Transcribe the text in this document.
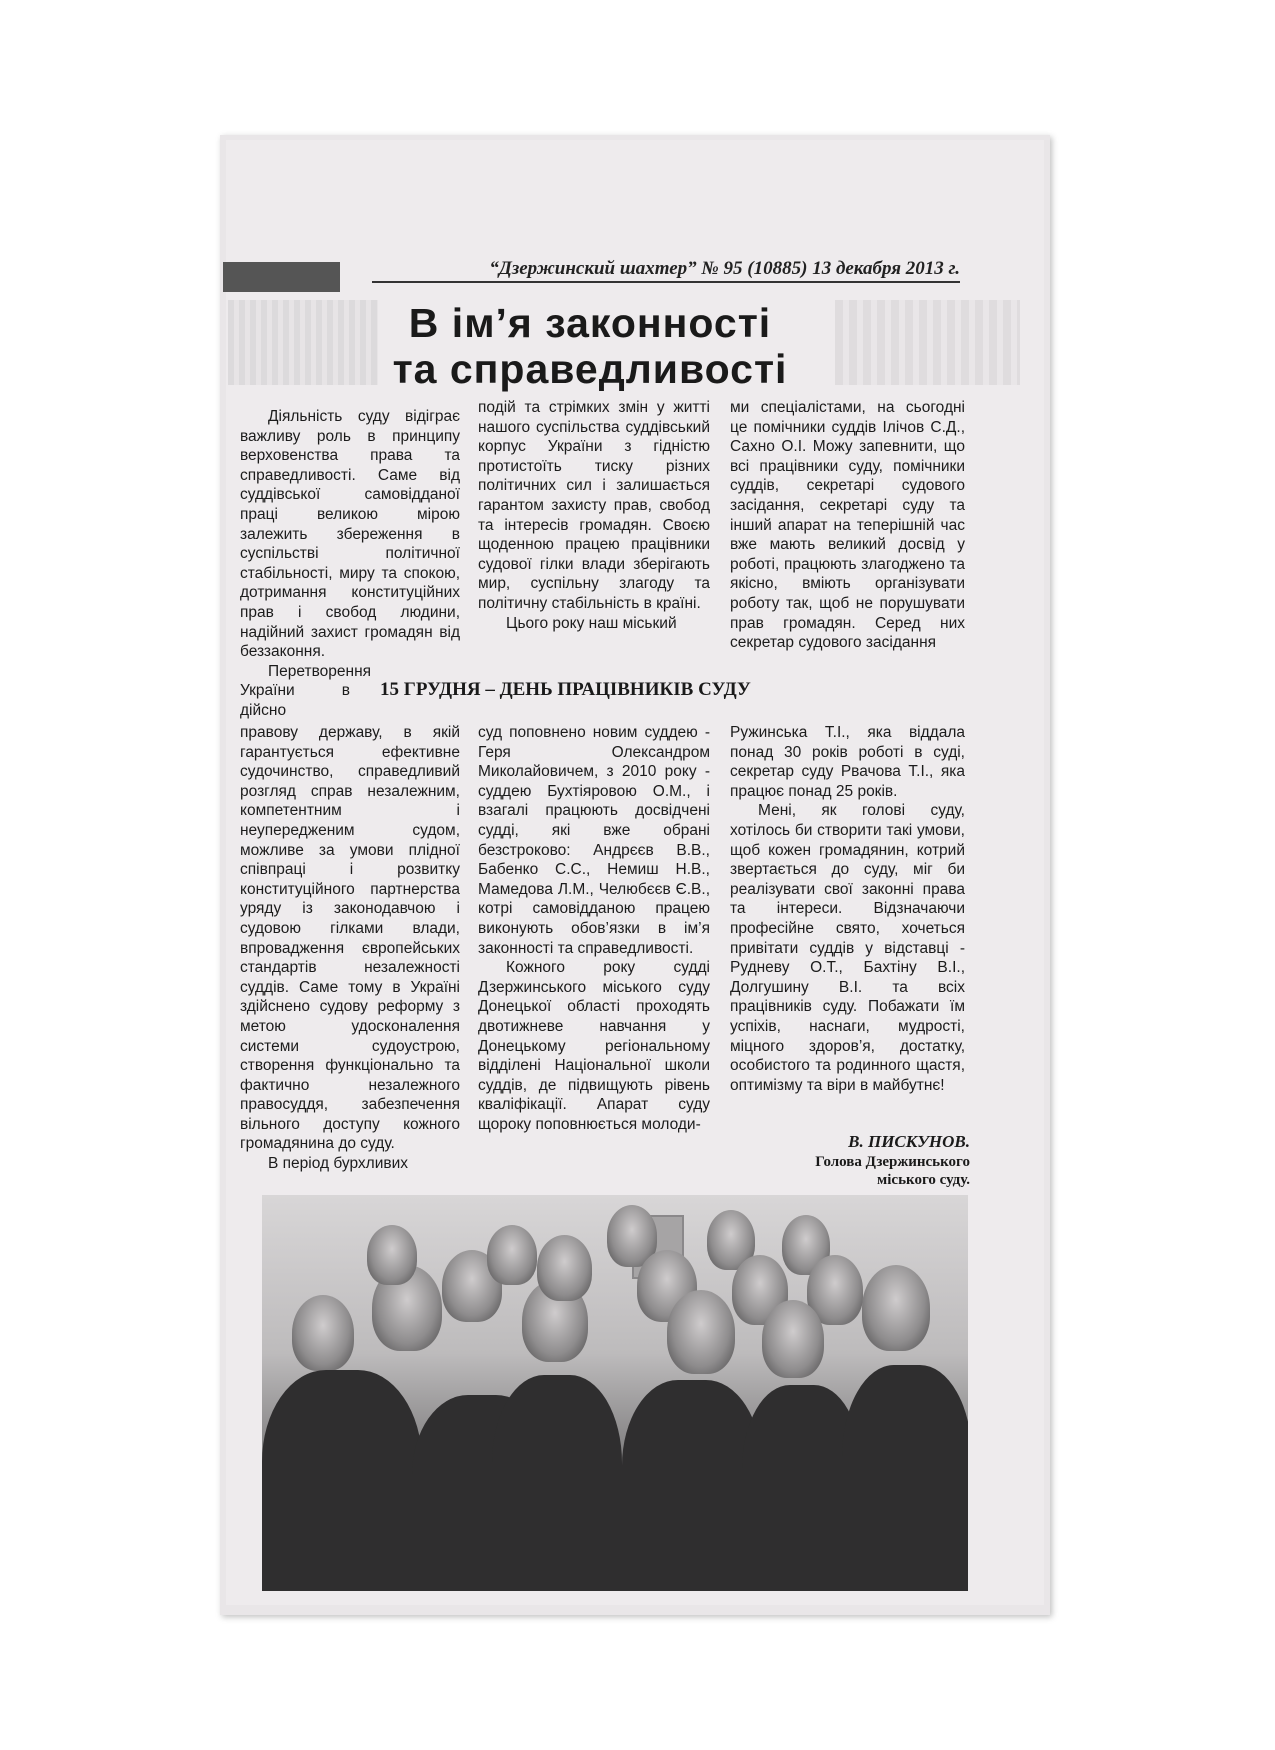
“Дзержинский шахтер” № 95 (10885) 13 декабря 2013 г.
В ім’я законності
та справедливості

Діяльність суду відіграє важливу роль в принципу верховенства права та справедливості. Саме від суддівської самовідданої праці великою мірою залежить збереження в суспільстві політичної стабільності, миру та спокою, дотримання конституційних прав і свобод людини, надійний захист громадян від беззаконня.

Перетворення України в дійсно

подій та стрімких змін у житті нашого суспільства суддівський корпус України з гідністю протистоїть тиску різних політичних сил і залишається гарантом захисту прав, свобод та інтересів громадян. Своєю щоденною працею працівники судової гілки влади зберігають мир, суспільну злагоду та політичну стабільність в країні.

Цього року наш міський

ми спеціалістами, на сьогодні це помічники суддів Ілічов С.Д., Сахно О.І. Можу запевнити, що всі працівники суду, помічники суддів, секретарі судового засідання, секретарі суду та інший апарат на теперішній час вже мають великий досвід у роботі, працюють злагоджено та якісно, вміють організувати роботу так, щоб не порушувати прав громадян. Серед них секретар судового засідання

15 ГРУДНЯ – ДЕНЬ ПРАЦІВНИКІВ СУДУ

правову державу, в якій гарантується ефективне судочинство, справедливий розгляд справ незалежним, компетентним і неупередженим судом, можливе за умови плідної співпраці і розвитку конституційного партнерства уряду із законодавчою і судовою гілками влади, впровадження європейських стандартів незалежності суддів. Саме тому в Україні здійснено судову реформу з метою удосконалення системи судоустрою, створення функціонально та фактично незалежного правосуддя, забезпечення вільного доступу кожного громадянина до суду.

В період бурхливих

суд поповнено новим суддею - Геря Олександром Миколайовичем, з 2010 року - суддею Бухтіяровою О.М., і взагалі працюють досвідчені судді, які вже обрані безстроково: Андрєєв В.В., Бабенко С.С., Немиш Н.В., Мамедова Л.М., Челюбєєв Є.В., котрі самовідданою працею виконують обов’язки в ім’я законності та справедливості.

Кожного року судді Дзержинського міського суду Донецької області проходять двотижневе навчання у Донецькому регіональному відділені Національної школи суддів, де підвищують рівень кваліфікації. Апарат суду щороку поповнюється молоди-

Ружинська Т.І., яка віддала понад 30 років роботі в суді, секретар суду Рвачова Т.І., яка працює понад 25 років.

Мені, як голові суду, хотілось би створити такі умови, щоб кожен громадянин, котрий звертається до суду, міг би реалізувати свої законні права та інтереси. Відзначаючи професійне свято, хочеться привітати суддів у відставці - Рудневу О.Т., Бахтіну В.І., Долгушину В.І. та всіх працівників суду. Побажати їм успіхів, наснаги, мудрості, міцного здоров’я, достатку, особистого та родинного щастя, оптимізму та віри в майбутнє!

В. ПИСКУНОВ.
Голова Дзержинського
міського суду.
